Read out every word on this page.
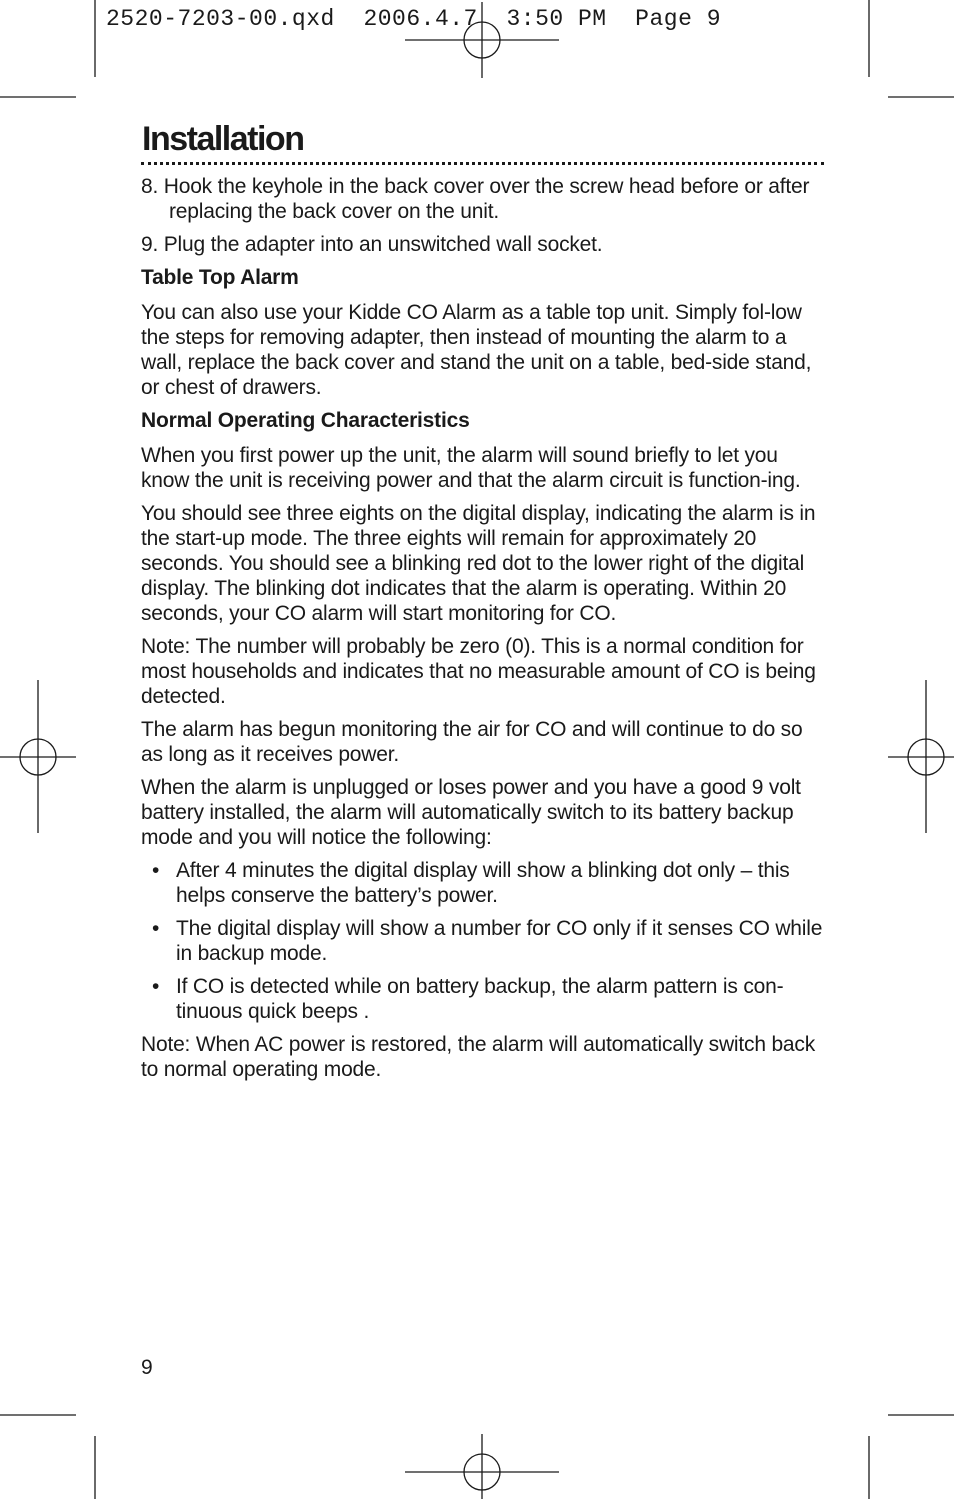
2520-7203-00.qxd  2006.4.7  3:50 PM  Page 9
Installation

8. Hook the keyhole in the back cover over the screw head before or after replacing the back cover on the unit.

9. Plug the adapter into an unswitched wall socket.

Table Top Alarm

You can also use your Kidde CO Alarm as a table top unit. Simply fol-low the steps for removing adapter, then instead of mounting the alarm to a wall, replace the back cover and stand the unit on a table, bed-side stand, or chest of drawers.

Normal Operating Characteristics

When you first power up the unit, the alarm will sound briefly to let you know the unit is receiving power and that the alarm circuit is function-ing.

You should see three eights on the digital display, indicating the alarm is in the start-up mode. The three eights will remain for approximately 20 seconds. You should see a blinking red dot to the lower right of the digital display. The blinking dot indicates that the alarm is operating. Within 20 seconds, your CO alarm will start monitoring for CO.

Note: The number will probably be zero (0). This is a normal condition for most households and indicates that no measurable amount of CO is being detected.

The alarm has begun monitoring the air for CO and will continue to do so as long as it receives power.

When the alarm is unplugged or loses power and you have a good 9 volt battery installed, the alarm will automatically switch to its battery backup mode and you will notice the following:

• After 4 minutes the digital display will show a blinking dot only – this helps conserve the battery’s power.
• The digital display will show a number for CO only if it senses CO while in backup mode.
• If CO is detected while on battery backup, the alarm pattern is con-tinuous quick beeps .

Note: When AC power is restored, the alarm will automatically switch back to normal operating mode.

9
